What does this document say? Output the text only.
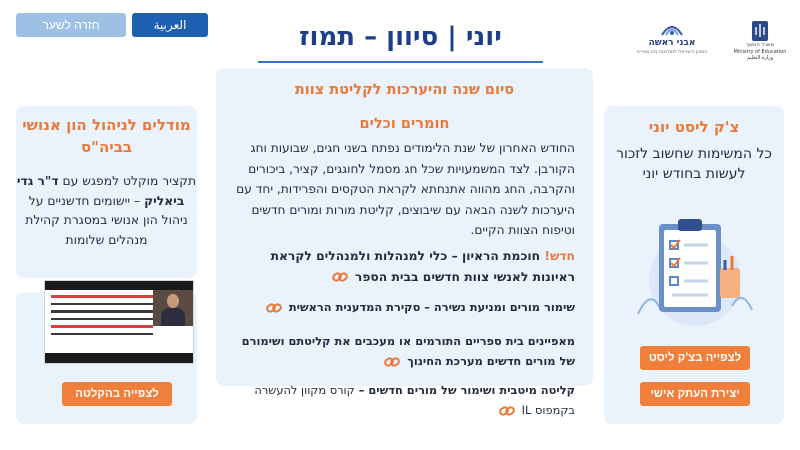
חזרה לשער	العربية	יוני | סיוון – תמוז	אבני ראשה
המכון הישראלי למנהיגות בית ספרית
משרד החינוך
Ministry of Education
وزارة التعليم
צ'ק ליסט יוני
כל המשימות שחשוב לזכור לעשות בחודש יוני
לצפייה בצ'ק ליסט
יצירת העתק אישי
סיום שנה והיערכות לקליטת צוות
חומרים וכלים
החודש האחרון של שנת הלימודים נפתח בשני חגים, שבועות וחג הקורבן. לצד המשמעויות שכל חג מסמל לחוגגים, קציר, ביכורים והקרבה, החג מהווה אתנחתא לקראת הטקסים והפרידות, יחד עם היערכות לשנה הבאה עם שיבוצים, קליטת מורות ומורים חדשים וטיפוח הצוות הקיים.
חדש! חוכמת הראיון – כלי למנהלות ולמנהלים לקראת ראיונות לאנשי צוות חדשים בבית הספר
שימור מורים ומניעת נשירה – סקירת המדענית הראשית
מאפיינים בית ספריים התורמים או מעכבים את קליטתם ושימורם של מורים חדשים מערכת החינוך
קליטה מיטבית ושימור של מורים חדשים – קורס מקוון להעשרה בקמפוס IL
מודלים לניהול הון אנושי בביה"ס
תקציר מוקלט למפגש עם ד"ר גדי ביאליק – יישומים חדשניים על ניהול הון אנושי במסגרת קהילת מנהלים שלומות
לצפייה בהקלטה
